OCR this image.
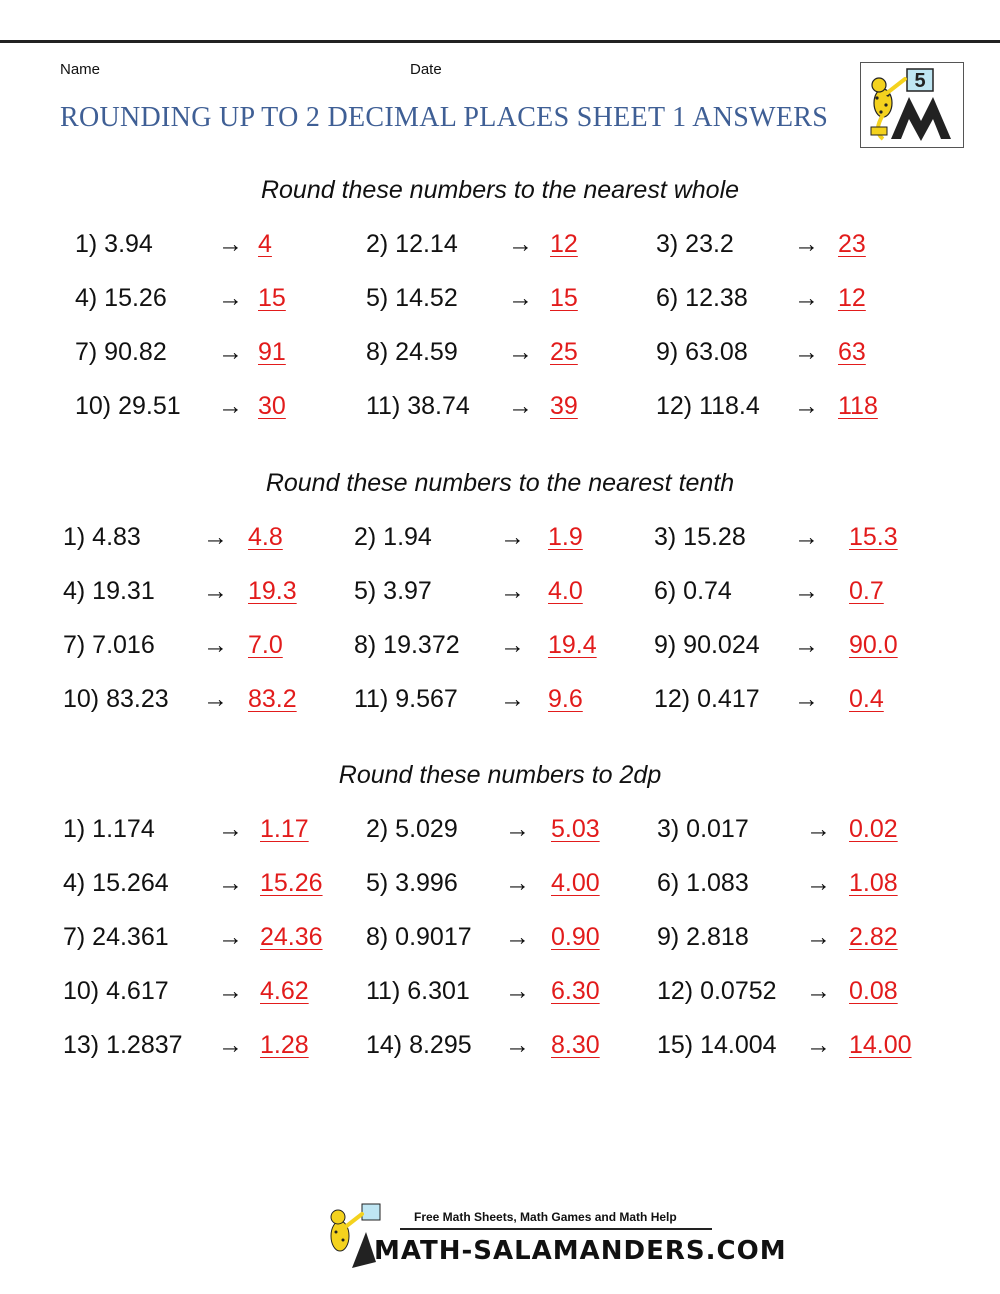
Name	Date
ROUNDING UP TO 2 DECIMAL PLACES SHEET 1 ANSWERS
5
Round these numbers to the nearest whole
1) 3.94	→ 4	2) 12.14 → 12	3) 23.2 → 23
4) 15.26 → 15	5) 14.52 → 15	6) 12.38 → 12
7) 90.82 → 91	8) 24.59 → 25	9) 63.08 → 63
10) 29.51 → 30	11) 38.74 → 39	12) 118.4 → 118
Round these numbers to the nearest tenth
1) 4.83 → 4.8	2) 1.94	→ 1.9	3) 15.28 → 15.3
4) 19.31 → 19.3 5) 3.97	→ 4.0	6) 0.74 → 0.7
7) 7.016 → 7.0	8) 19.372 → 19.4 9) 90.024 → 90.0
10) 83.23 → 83.2 11) 9.567 → 9.6	12) 0.417 → 0.4
Round these numbers to 2dp
1) 1.174	→ 1.17 2) 5.029 → 5.03 3) 0.017 → 0.02
4) 15.264 → 15.26 5) 3.996 → 4.00 6) 1.083 → 1.08
7) 24.361 → 24.36 8) 0.9017 → 0.90 9) 2.818 → 2.82
10) 4.617 → 4.62 11) 6.301 → 6.30 12) 0.0752 → 0.08
13) 1.2837 → 1.28 14) 8.295 → 8.30 15) 14.004 → 14.00
Free Math Sheets, Math Games and Math Help
MATH-SALAMANDERS.COM
